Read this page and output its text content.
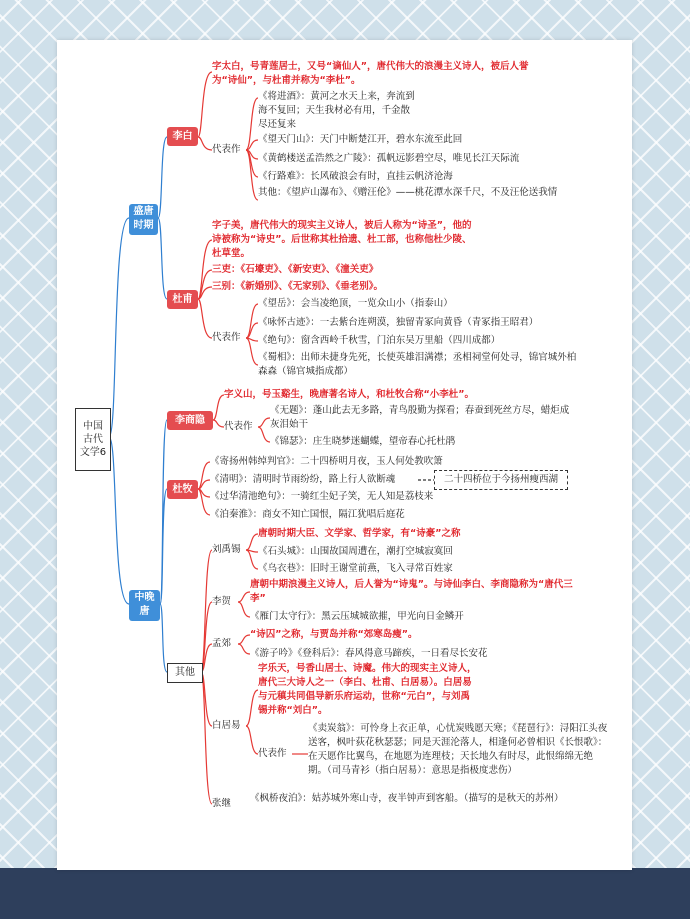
中国古代文学6
盛唐时期
中晚唐
李白
字太白，号青莲居士，又号“谪仙人”，唐代伟大的浪漫主义诗人，被后人誉为“诗仙”，与杜甫并称为“李杜”。
代表作
《将进酒》：黄河之水天上来，奔流到海不复回；天生我材必有用，千金散尽还复来
《望天门山》：天门中断楚江开，碧水东流至此回
《黄鹤楼送孟浩然之广陵》：孤帆远影碧空尽，唯见长江天际流
《行路难》：长风破浪会有时，直挂云帆济沧海
其他：《望庐山瀑布》、《赠汪伦》——桃花潭水深千尺，不及汪伦送我情
杜甫
字子美，唐代伟大的现实主义诗人，被后人称为“诗圣”，他的诗被称为“诗史”。后世称其杜拾遗、杜工部，也称他杜少陵、杜草堂。
三吏：《石壕吏》、《新安吏》、《潼关吏》
三别：《新婚别》、《无家别》、《垂老别》。
代表作
《望岳》：会当凌绝顶，一览众山小（指泰山）
《咏怀古迹》：一去紫台连朔漠，独留青冢向黄昏（青冢指王昭君）
《绝句》：窗含西岭千秋雪，门泊东吴万里船（四川成都）
《蜀相》：出师未捷身先死，长使英雄泪满襟；丞相祠堂何处寻，锦官城外柏森森（锦官城指成都）
李商隐
字义山，号玉谿生，晚唐著名诗人，和杜牧合称“小李杜”。
代表作
《无题》：蓬山此去无多路，青鸟殷勤为探看；春蚕到死丝方尽，蜡炬成灰泪始干
《锦瑟》：庄生晓梦迷蝴蝶，望帝春心托杜鹃
杜牧
《寄扬州韩绰判官》：二十四桥明月夜，玉人何处教吹箫
《清明》：清明时节雨纷纷，路上行人欲断魂
《过华清池绝句》：一骑红尘妃子笑，无人知是荔枝来
《泊秦淮》：商女不知亡国恨，隔江犹唱后庭花
二十四桥位于今扬州瘦西湖
其他
刘禹锡
唐朝时期大臣、文学家、哲学家，有“诗豪”之称
《石头城》：山围故国周遭在，潮打空城寂寞回
《乌衣巷》：旧时王谢堂前燕，飞入寻常百姓家
李贺
唐朝中期浪漫主义诗人，后人誉为“诗鬼”。与诗仙李白、李商隐称为“唐代三李”
《雁门太守行》：黑云压城城欲摧，甲光向日金鳞开
孟郊
“诗囚”之称，与贾岛并称“郊寒岛瘦”。
《游子吟》《登科后》：春风得意马蹄疾，一日看尽长安花
白居易
字乐天，号香山居士、诗魔。伟大的现实主义诗人，唐代三大诗人之一（李白、杜甫、白居易）。白居易与元稹共同倡导新乐府运动，世称“元白”，与刘禹锡并称“刘白”。
代表作
《卖炭翁》：可怜身上衣正单，心忧炭贱愿天寒；《琵琶行》：浔阳江头夜送客，枫叶荻花秋瑟瑟；同是天涯沦落人，相逢何必曾相识《长恨歌》：在天愿作比翼鸟，在地愿为连理枝；天长地久有时尽，此恨绵绵无绝期。（司马青衫（指白居易）：意思是指极度悲伤）
张继 《枫桥夜泊》：姑苏城外寒山寺，夜半钟声到客船。（描写的是秋天的苏州）
